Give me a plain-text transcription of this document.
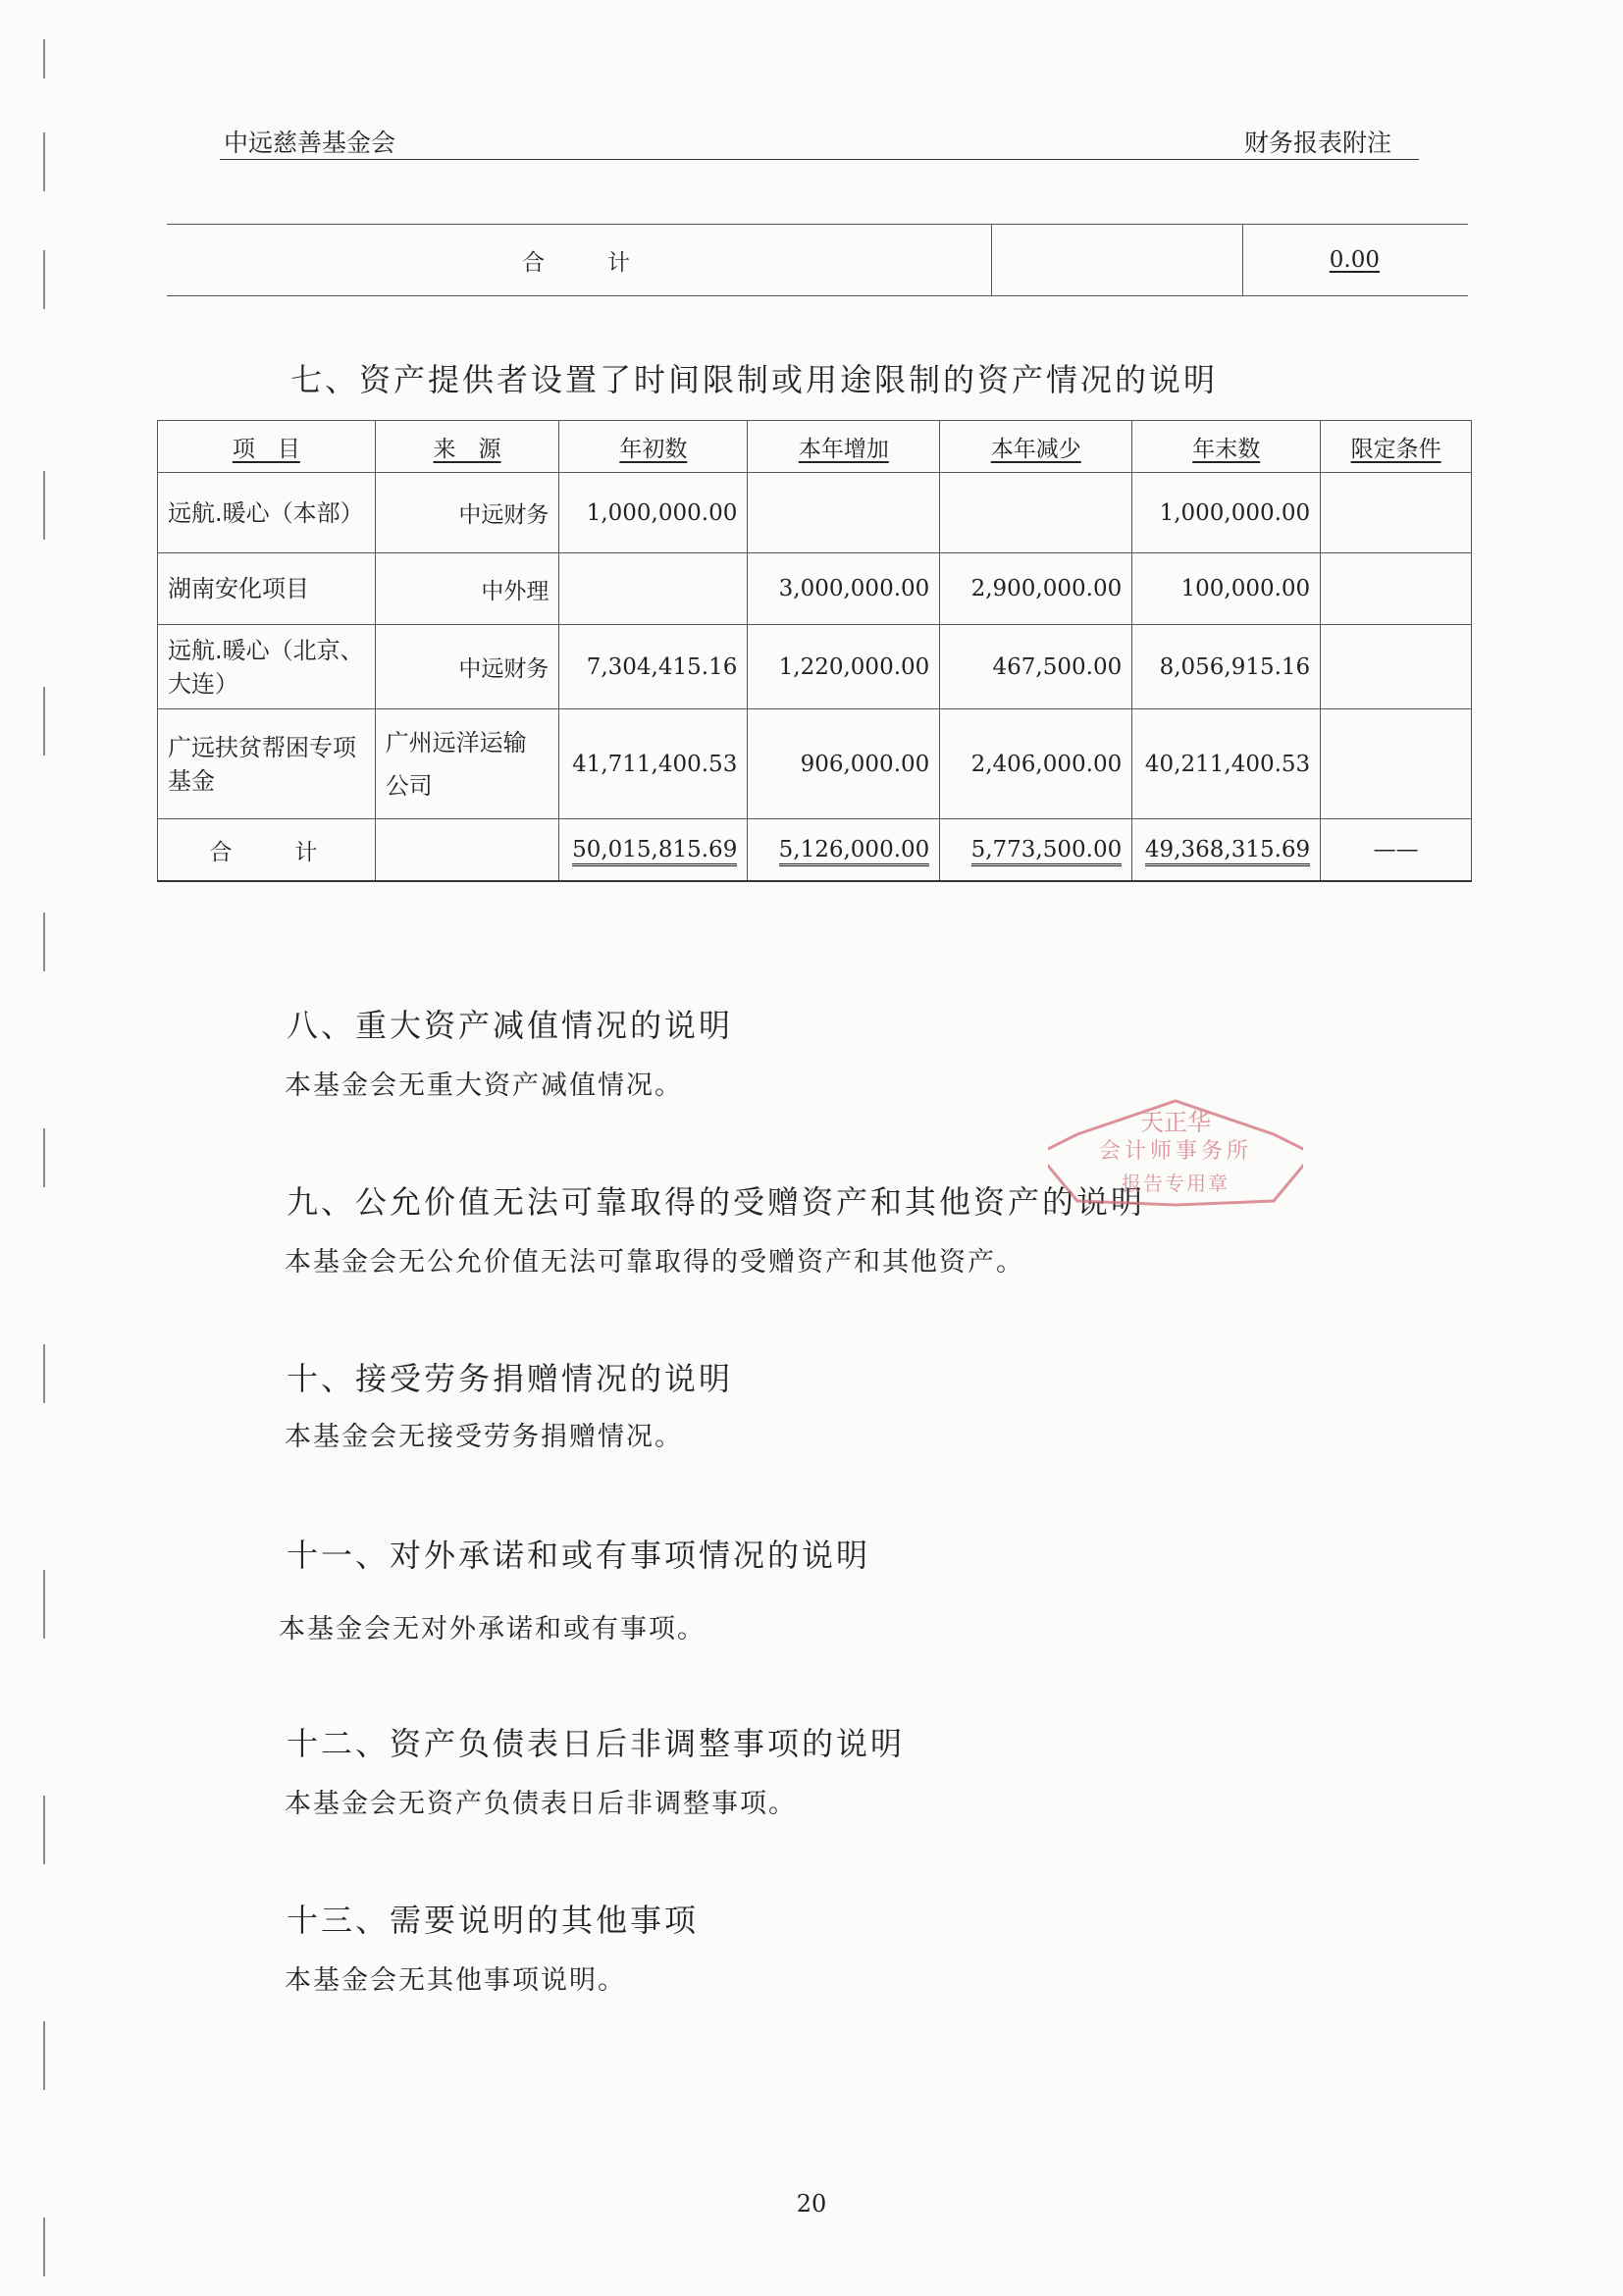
中远慈善基金会	财务报表附注
合　　计		0.00
七、资产提供者设置了时间限制或用途限制的资产情况的说明
项　目	来　源	年初数	本年增加	本年减少	年末数	限定条件
远航.暖心（本部）	中远财务	1,000,000.00			1,000,000.00	
湖南安化项目	中外理		3,000,000.00	2,900,000.00	100,000.00	
远航.暖心（北京、大连）	中远财务	7,304,415.16	1,220,000.00	467,500.00	8,056,915.16	
广远扶贫帮困专项基金	广州远洋运输公司	41,711,400.53	906,000.00	2,406,000.00	40,211,400.53	
合　　计		50,015,815.69	5,126,000.00	5,773,500.00	49,368,315.69	——
八、重大资产减值情况的说明
本基金会无重大资产减值情况。
九、公允价值无法可靠取得的受赠资产和其他资产的说明
本基金会无公允价值无法可靠取得的受赠资产和其他资产。
十、接受劳务捐赠情况的说明
本基金会无接受劳务捐赠情况。
十一、对外承诺和或有事项情况的说明
本基金会无对外承诺和或有事项。
十二、资产负债表日后非调整事项的说明
本基金会无资产负债表日后非调整事项。
十三、需要说明的其他事项
本基金会无其他事项说明。
天正华
会计师事务所
报告专用章
20
